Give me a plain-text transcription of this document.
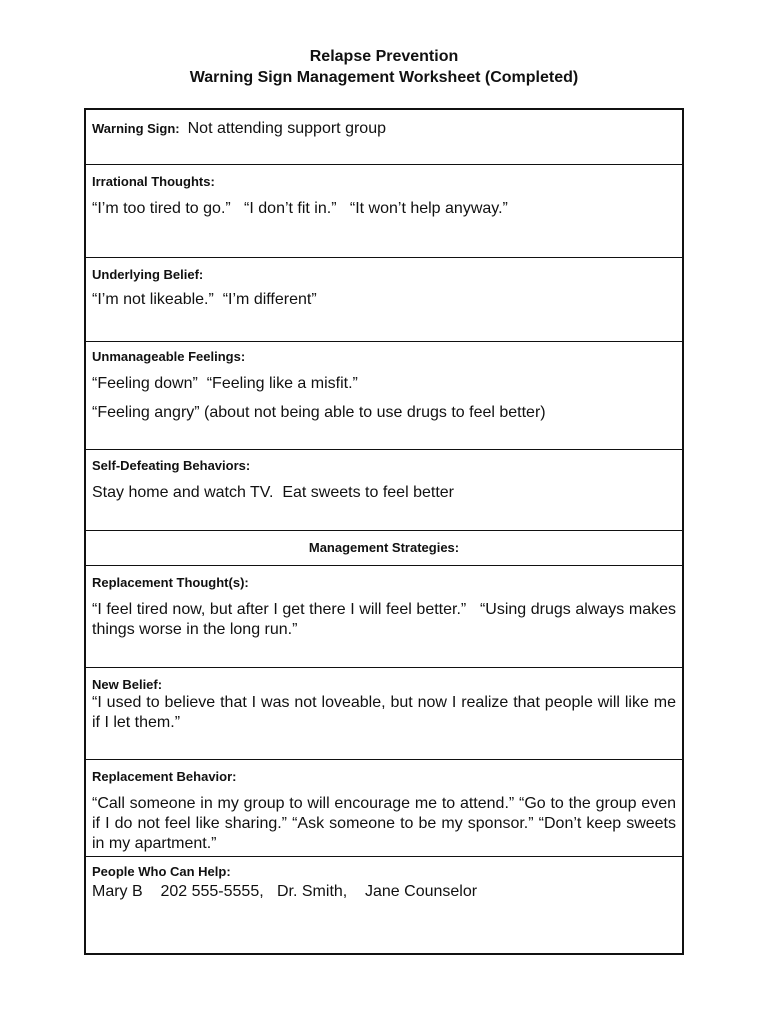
Relapse Prevention
Warning Sign Management Worksheet (Completed)
Warning Sign: Not attending support group
Irrational Thoughts:
“I’m too tired to go.”   “I don’t fit in.”   “It won’t help anyway.”
Underlying Belief:
“I’m not likeable.”  “I’m different”
Unmanageable Feelings:
“Feeling down”  “Feeling like a misfit.”
“Feeling angry” (about not being able to use drugs to feel better)
Self-Defeating Behaviors:
Stay home and watch TV.  Eat sweets to feel better
Management Strategies:
Replacement Thought(s):
“I feel tired now, but after I get there I will feel better.”   “Using drugs always makes things worse in the long run.”
New Belief:
“I used to believe that I was not loveable, but now I realize that people will like me if I let them.”
Replacement Behavior:
“Call someone in my group to will encourage me to attend.” “Go to the group even if I do not feel like sharing.” “Ask someone to be my sponsor.” “Don’t keep sweets in my apartment.”
People Who Can Help:
Mary B    202 555-5555,   Dr. Smith,    Jane Counselor
